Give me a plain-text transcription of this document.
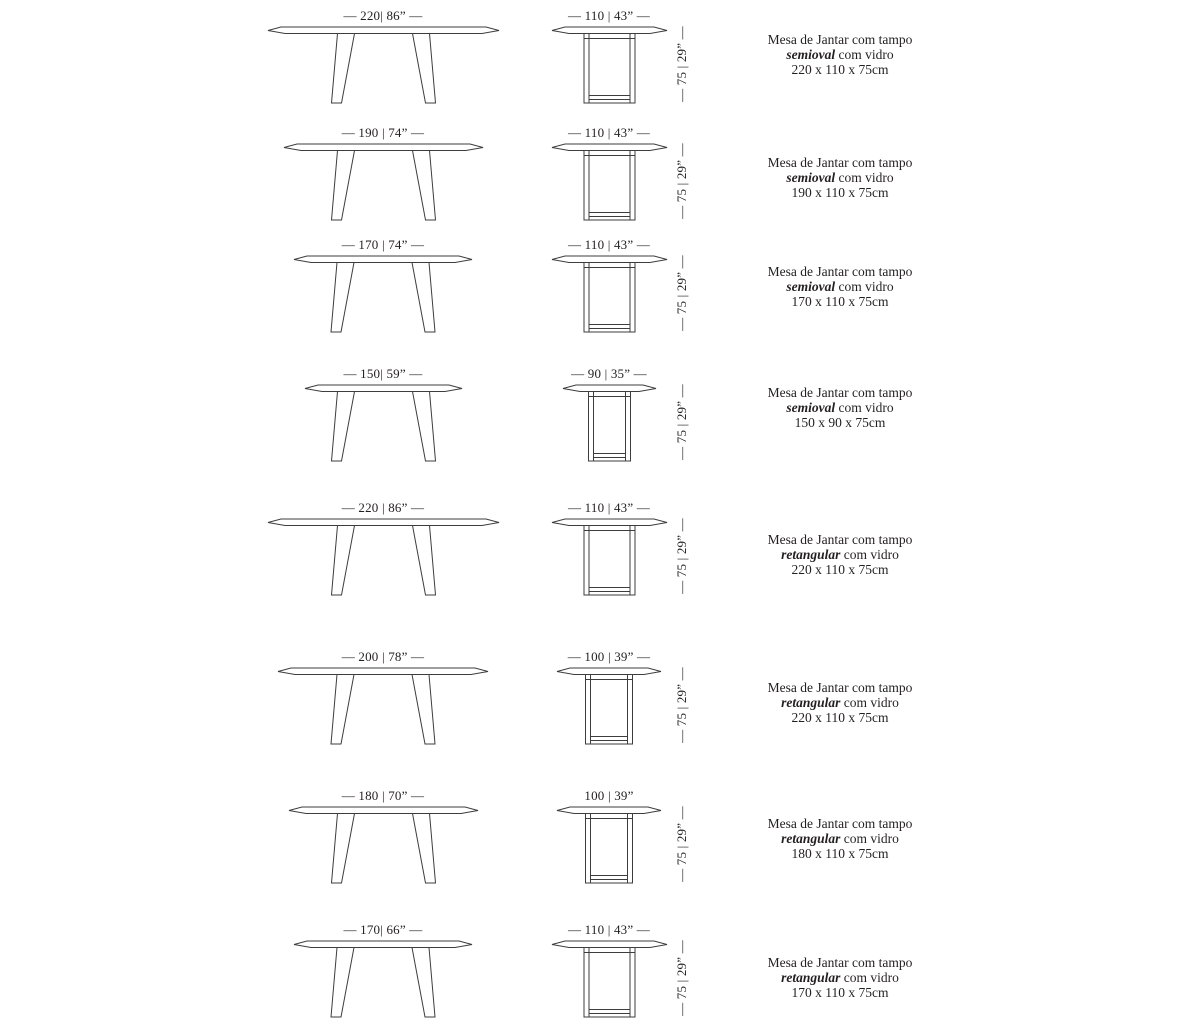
— 220| 86” —	— 110 | 43” —
— 75 | 29” —	Mesa de Jantar com tampo
semioval com vidro
220 x 110 x 75cm
— 190 | 74” —	— 110 | 43” —
— 75 | 29” —	Mesa de Jantar com tampo
semioval com vidro
190 x 110 x 75cm
— 170 | 74” —	— 110 | 43” —
— 75 | 29” —	Mesa de Jantar com tampo
semioval com vidro
170 x 110 x 75cm
— 150| 59” —	— 90 | 35” —
— 75 | 29” —	Mesa de Jantar com tampo
semioval com vidro
150 x 90 x 75cm
— 220 | 86” —	— 110 | 43” —
— 75 | 29” —	Mesa de Jantar com tampo
retangular com vidro
220 x 110 x 75cm
— 200 | 78” —	— 100 | 39” —
— 75 | 29” —	Mesa de Jantar com tampo
retangular com vidro
220 x 110 x 75cm
— 180 | 70” —	100 | 39”
— 75 | 29” —	Mesa de Jantar com tampo
retangular com vidro
180 x 110 x 75cm
— 170| 66” —	— 110 | 43” —
— 75 | 29” —	Mesa de Jantar com tampo
retangular com vidro
170 x 110 x 75cm
